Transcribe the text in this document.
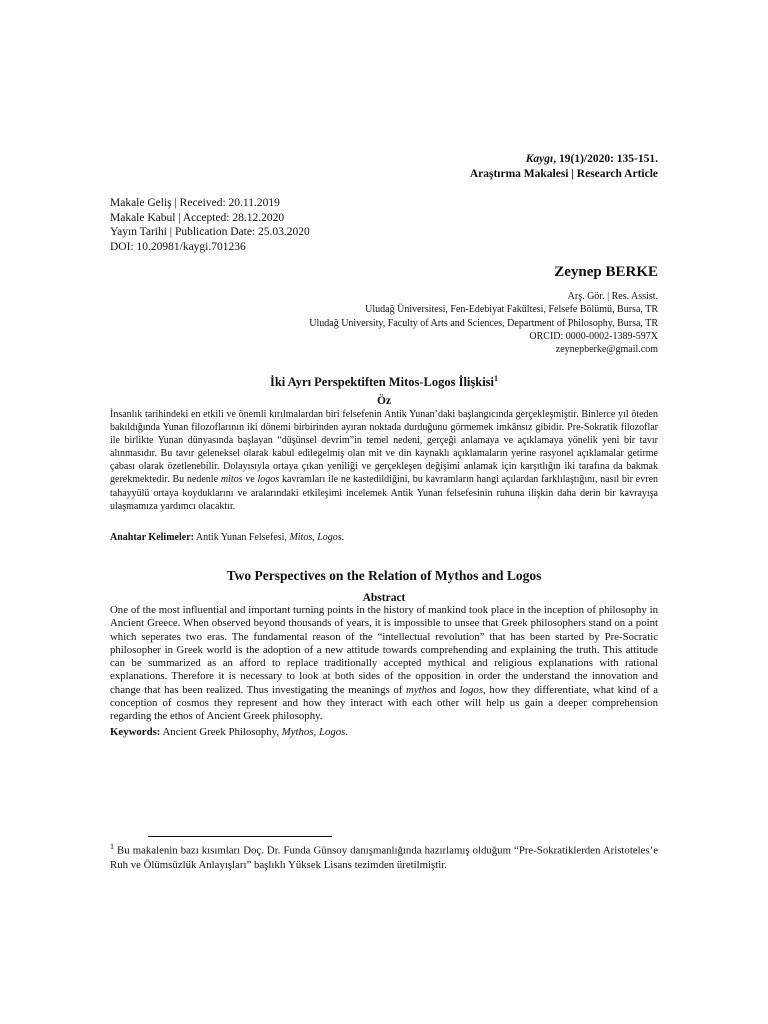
Kaygı, 19(1)/2020: 135-151.
Araştırma Makalesi | Research Article
Makale Geliş | Received: 20.11.2019
Makale Kabul | Accepted: 28.12.2020
Yayın Tarihi | Publication Date: 25.03.2020
DOI: 10.20981/kaygi.701236
Zeynep BERKE
Arş. Gör. | Res. Assist.
Uludağ Üniversitesi, Fen-Edebiyat Fakültesi, Felsefe Bölümü, Bursa, TR
Uludağ University, Faculty of Arts and Sciences, Department of Philosophy, Bursa, TR
ORCID: 0000-0002-1389-597X
zeynepberke@gmail.com
İki Ayrı Perspektiften Mitos-Logos İlişkisi$^1$
Öz
İnsanlık tarihindeki en etkili ve önemli kırılmalardan biri felsefenin Antik Yunan’daki başlangıcında gerçekleşmiştir. Binlerce yıl öteden bakıldığında Yunan filozoflarının iki dönemi birbirinden ayıran noktada durduğunu görmemek imkânsız gibidir. Pre-Sokratik filozoflar ile birlikte Yunan dünyasında başlayan “düşünsel devrim”in temel nedeni, gerçeği anlamaya ve açıklamaya yönelik yeni bir tavır alınmasıdır. Bu tavır geleneksel olarak kabul edilegelmiş olan mit ve din kaynaklı açıklamaların yerine rasyonel açıklamalar getirme çabası olarak özetlenebilir. Dolayısıyla ortaya çıkan yeniliği ve gerçekleşen değişimi anlamak için karşıtlığın iki tarafına da bakmak gerekmektedir. Bu nedenle mitos ve logos kavramları ile ne kastedildiğini, bu kavramların hangi açılardan farklılaştığını, nasıl bir evren tahayyülü ortaya koyduklarını ve aralarındaki etkileşimi incelemek Antik Yunan felsefesinin ruhuna ilişkin daha derin bir kavrayışa ulaşmamıza yardımcı olacaktır.
Anahtar Kelimeler: Antik Yunan Felsefesi, Mitos, Logos.
Two Perspectives on the Relation of Mythos and Logos
Abstract
One of the most influential and important turning points in the history of mankind took place in the inception of philosophy in Ancient Greece. When observed beyond thousands of years, it is impossible to unsee that Greek philosophers stand on a point which seperates two eras. The fundamental reason of the “intellectual revolution” that has been started by Pre-Socratic philosopher in Greek world is the adoption of a new attitude towards comprehending and explaining the truth. This attitude can be summarized as an afford to replace traditionally accepted mythical and religious explanations with rational explanations. Therefore it is necessary to look at both sides of the opposition in order the understand the innovation and change that has been realized. Thus investigating the meanings of mythos and logos, how they differentiate, what kind of a conception of cosmos they represent and how they interact with each other will help us gain a deeper comprehension regarding the ethos of Ancient Greek philosophy.
Keywords: Ancient Greek Philosophy, Mythos, Logos.
$^1$ Bu makalenin bazı kısımları Doç. Dr. Funda Günsoy danışmanlığında hazırlamış olduğum “Pre-Sokratiklerden Aristoteles’e Ruh ve Ölümsüzlük Anlayışları” başlıklı Yüksek Lisans tezimden üretilmiştir.
